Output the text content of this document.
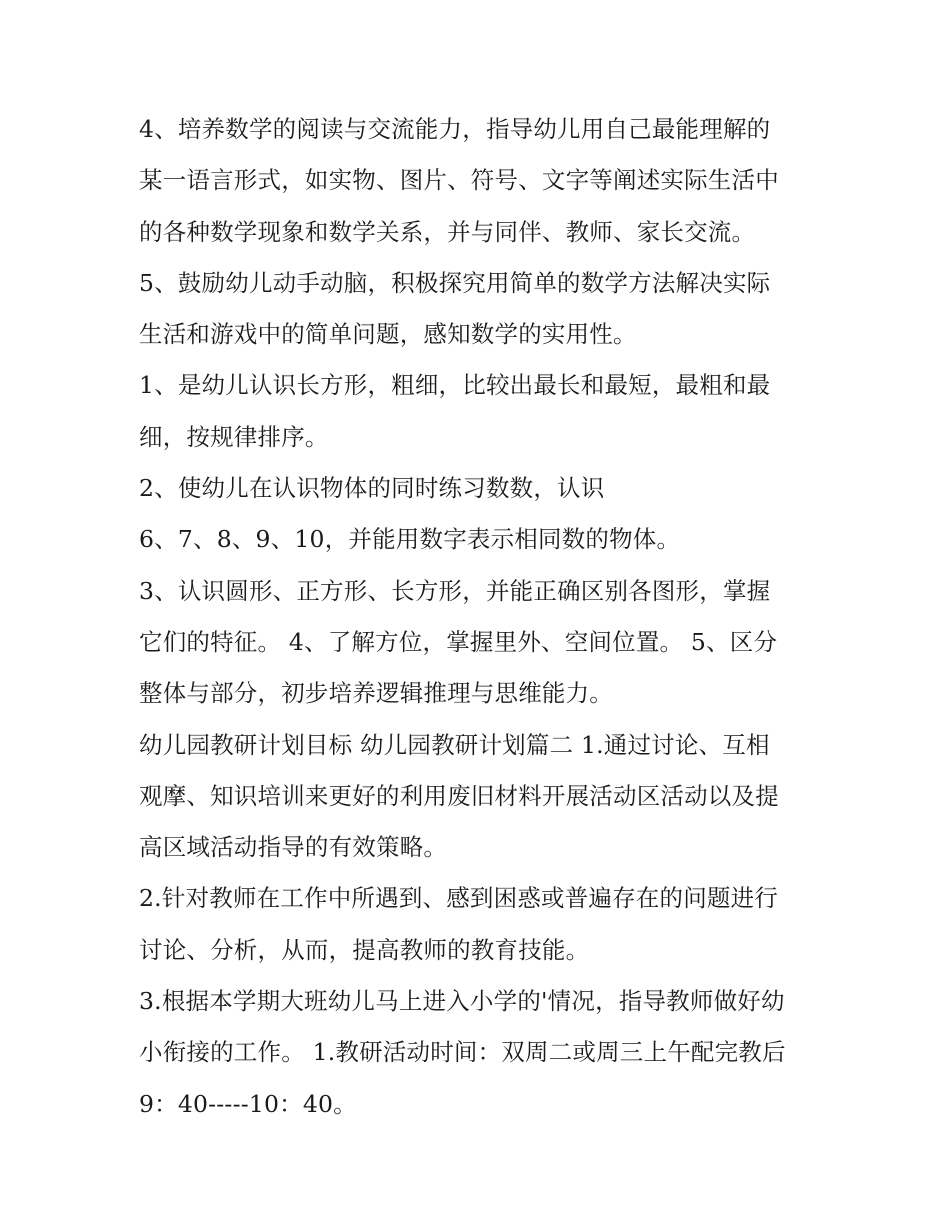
4、培养数学的阅读与交流能力，指导幼儿用自己最能理解的
某一语言形式，如实物、图片、符号、文字等阐述实际生活中
的各种数学现象和数学关系，并与同伴、教师、家长交流。
5、鼓励幼儿动手动脑，积极探究用简单的数学方法解决实际
生活和游戏中的简单问题，感知数学的实用性。
1、是幼儿认识长方形，粗细，比较出最长和最短，最粗和最
细，按规律排序。
2、使幼儿在认识物体的同时练习数数，认识
6、7、8、9、10，并能用数字表示相同数的物体。
3、认识圆形、正方形、长方形，并能正确区别各图形，掌握
它们的特征。 4、了解方位，掌握里外、空间位置。 5、区分
整体与部分，初步培养逻辑推理与思维能力。
幼儿园教研计划目标 幼儿园教研计划篇二 1.通过讨论、互相
观摩、知识培训来更好的利用废旧材料开展活动区活动以及提
高区域活动指导的有效策略。
2.针对教师在工作中所遇到、感到困惑或普遍存在的问题进行
讨论、分析，从而，提高教师的教育技能。
3.根据本学期大班幼儿马上进入小学的'情况，指导教师做好幼
小衔接的工作。 1.教研活动时间：双周二或周三上午配完教后
9：40-----10：40。
